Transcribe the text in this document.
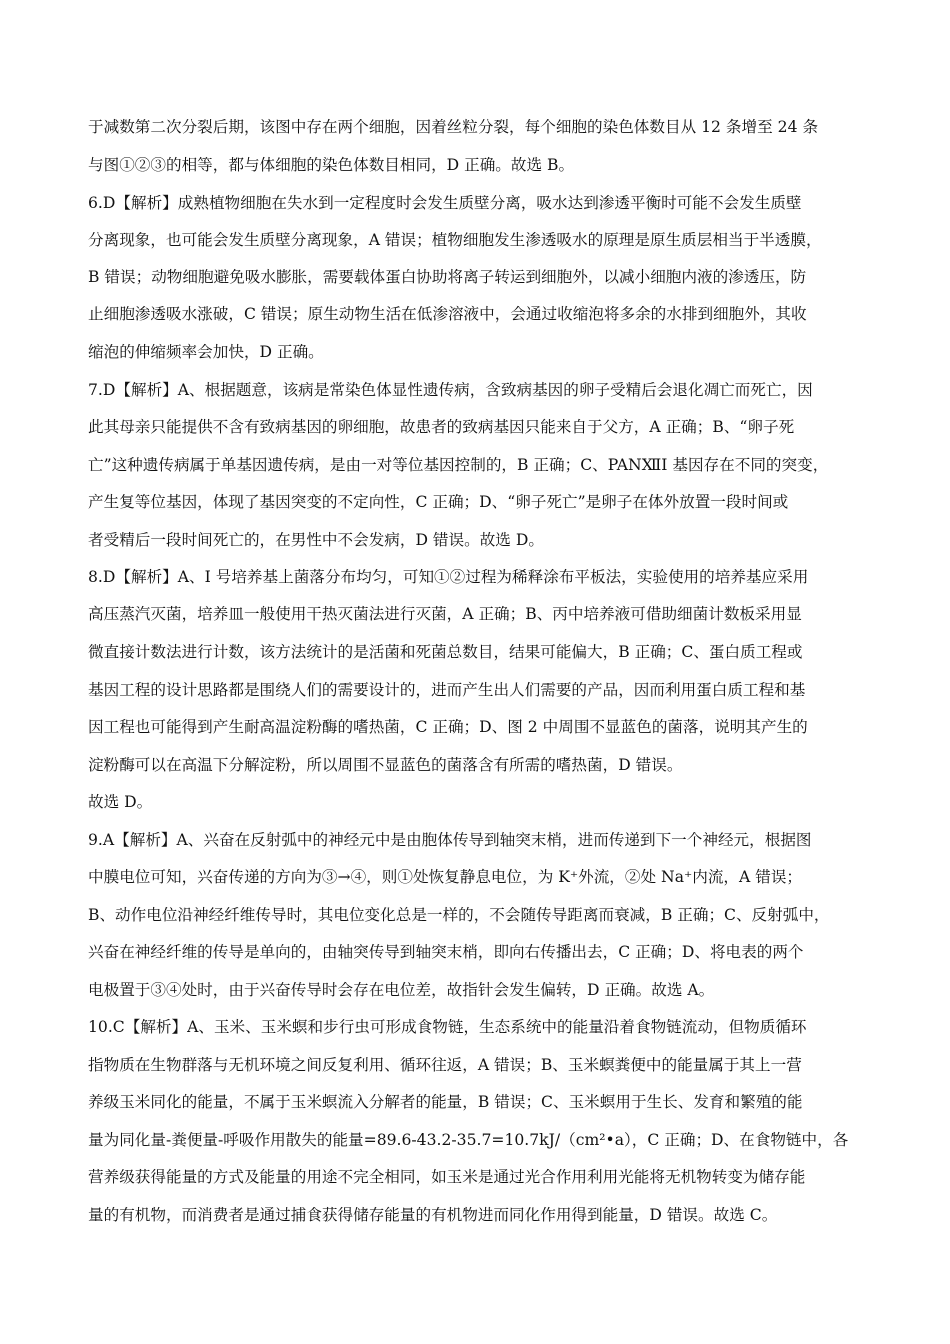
于减数第二次分裂后期，该图中存在两个细胞，因着丝粒分裂，每个细胞的染色体数目从 12 条增至 24 条
与图①②③的相等，都与体细胞的染色体数目相同，D 正确。故选 B。
6.D【解析】成熟植物细胞在失水到一定程度时会发生质壁分离，吸水达到渗透平衡时可能不会发生质壁
分离现象，也可能会发生质壁分离现象，A 错误；植物细胞发生渗透吸水的原理是原生质层相当于半透膜，
B 错误；动物细胞避免吸水膨胀，需要载体蛋白协助将离子转运到细胞外，以减小细胞内液的渗透压，防
止细胞渗透吸水涨破，C 错误；原生动物生活在低渗溶液中，会通过收缩泡将多余的水排到细胞外，其收
缩泡的伸缩频率会加快，D 正确。
7.D【解析】A、根据题意，该病是常染色体显性遗传病，含致病基因的卵子受精后会退化凋亡而死亡，因
此其母亲只能提供不含有致病基因的卵细胞，故患者的致病基因只能来自于父方，A 正确；B、“卵子死
亡”这种遗传病属于单基因遗传病，是由一对等位基因控制的，B 正确；C、PANⅫI 基因存在不同的突变，
产生复等位基因，体现了基因突变的不定向性，C 正确；D、“卵子死亡”是卵子在体外放置一段时间或
者受精后一段时间死亡的，在男性中不会发病，D 错误。故选 D。
8.D【解析】A、I 号培养基上菌落分布均匀，可知①②过程为稀释涂布平板法，实验使用的培养基应采用
高压蒸汽灭菌，培养皿一般使用干热灭菌法进行灭菌，A 正确；B、丙中培养液可借助细菌计数板采用显
微直接计数法进行计数，该方法统计的是活菌和死菌总数目，结果可能偏大，B 正确；C、蛋白质工程或
基因工程的设计思路都是围绕人们的需要设计的，进而产生出人们需要的产品，因而利用蛋白质工程和基
因工程也可能得到产生耐高温淀粉酶的嗜热菌，C 正确；D、图 2 中周围不显蓝色的菌落，说明其产生的
淀粉酶可以在高温下分解淀粉，所以周围不显蓝色的菌落含有所需的嗜热菌，D 错误。
故选 D。
9.A【解析】A、兴奋在反射弧中的神经元中是由胞体传导到轴突末梢，进而传递到下一个神经元，根据图
中膜电位可知，兴奋传递的方向为③→④，则①处恢复静息电位，为 K⁺外流，②处 Na⁺内流，A 错误；
B、动作电位沿神经纤维传导时，其电位变化总是一样的，不会随传导距离而衰减，B 正确；C、反射弧中，
兴奋在神经纤维的传导是单向的，由轴突传导到轴突末梢，即向右传播出去，C 正确；D、将电表的两个
电极置于③④处时，由于兴奋传导时会存在电位差，故指针会发生偏转，D 正确。故选 A。
10.C【解析】A、玉米、玉米螟和步行虫可形成食物链，生态系统中的能量沿着食物链流动，但物质循环
指物质在生物群落与无机环境之间反复利用、循环往返，A 错误；B、玉米螟粪便中的能量属于其上一营
养级玉米同化的能量，不属于玉米螟流入分解者的能量，B 错误；C、玉米螟用于生长、发育和繁殖的能
量为同化量-粪便量-呼吸作用散失的能量=89.6-43.2-35.7=10.7kJ/（cm²•a），C 正确；D、在食物链中，各
营养级获得能量的方式及能量的用途不完全相同，如玉米是通过光合作用利用光能将无机物转变为储存能
量的有机物，而消费者是通过捕食获得储存能量的有机物进而同化作用得到能量，D 错误。故选 C。
